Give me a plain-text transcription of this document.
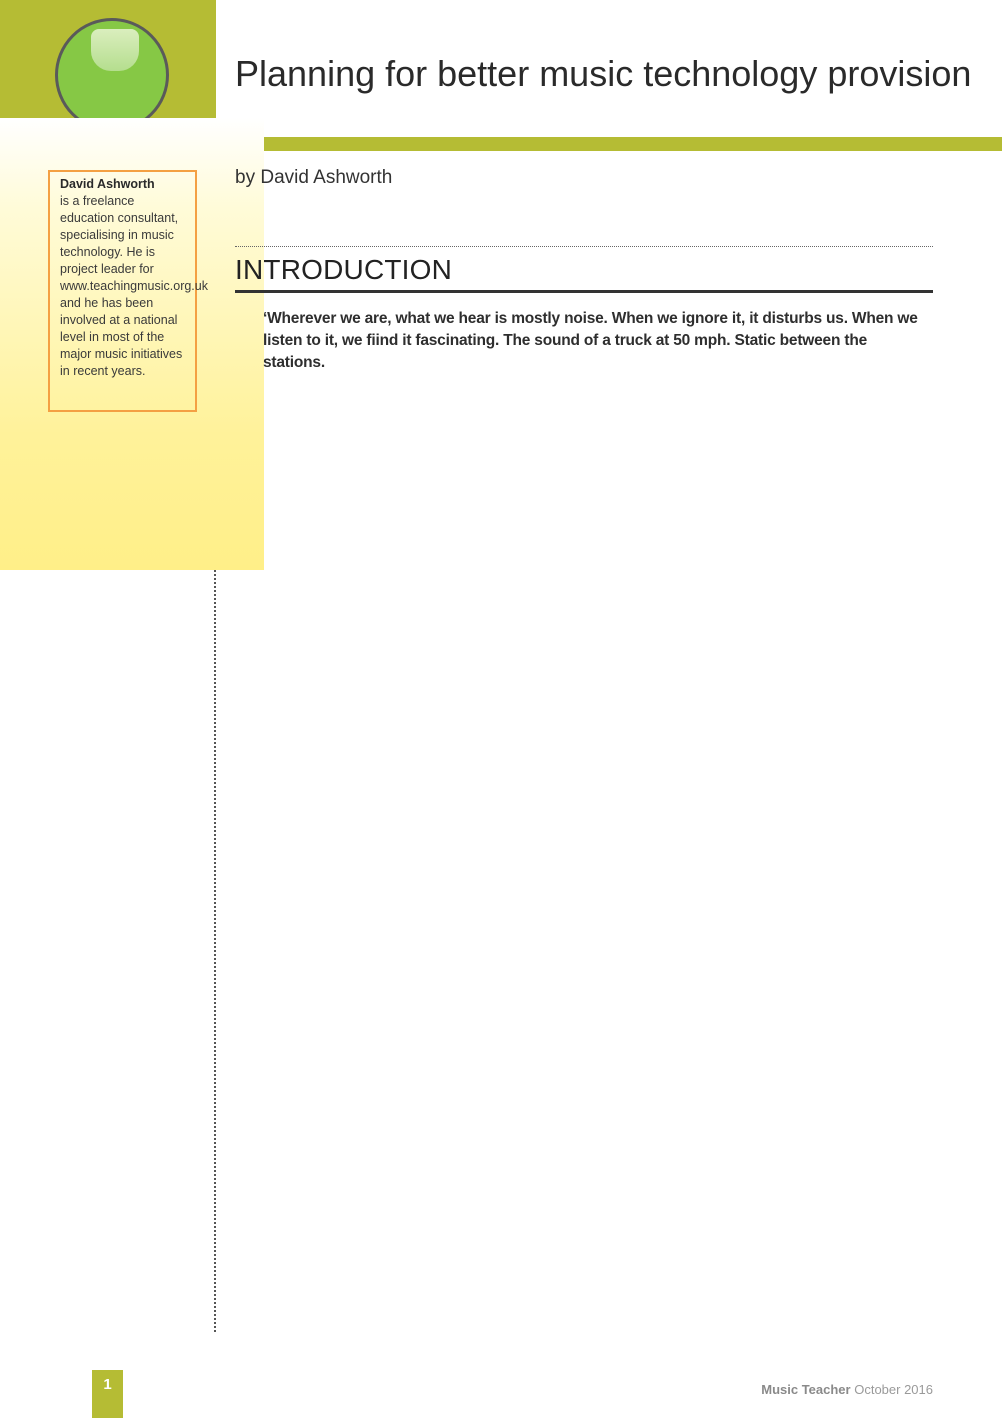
David Ashworth
is a freelance education consultant, specialising in music technology. He is project leader for www.teachingmusic.org.uk and he has been involved at a national level in most of the major music initiatives in recent years.
Planning for better music technology provision

by David Ashworth

INTRODUCTION

‘Wherever we are, what we hear is mostly noise. When we ignore it, it disturbs us. When we listen to it, we fiind it fascinating. The sound of a truck at 50 mph. Static between the stations.

1	Music Teacher October 2016
